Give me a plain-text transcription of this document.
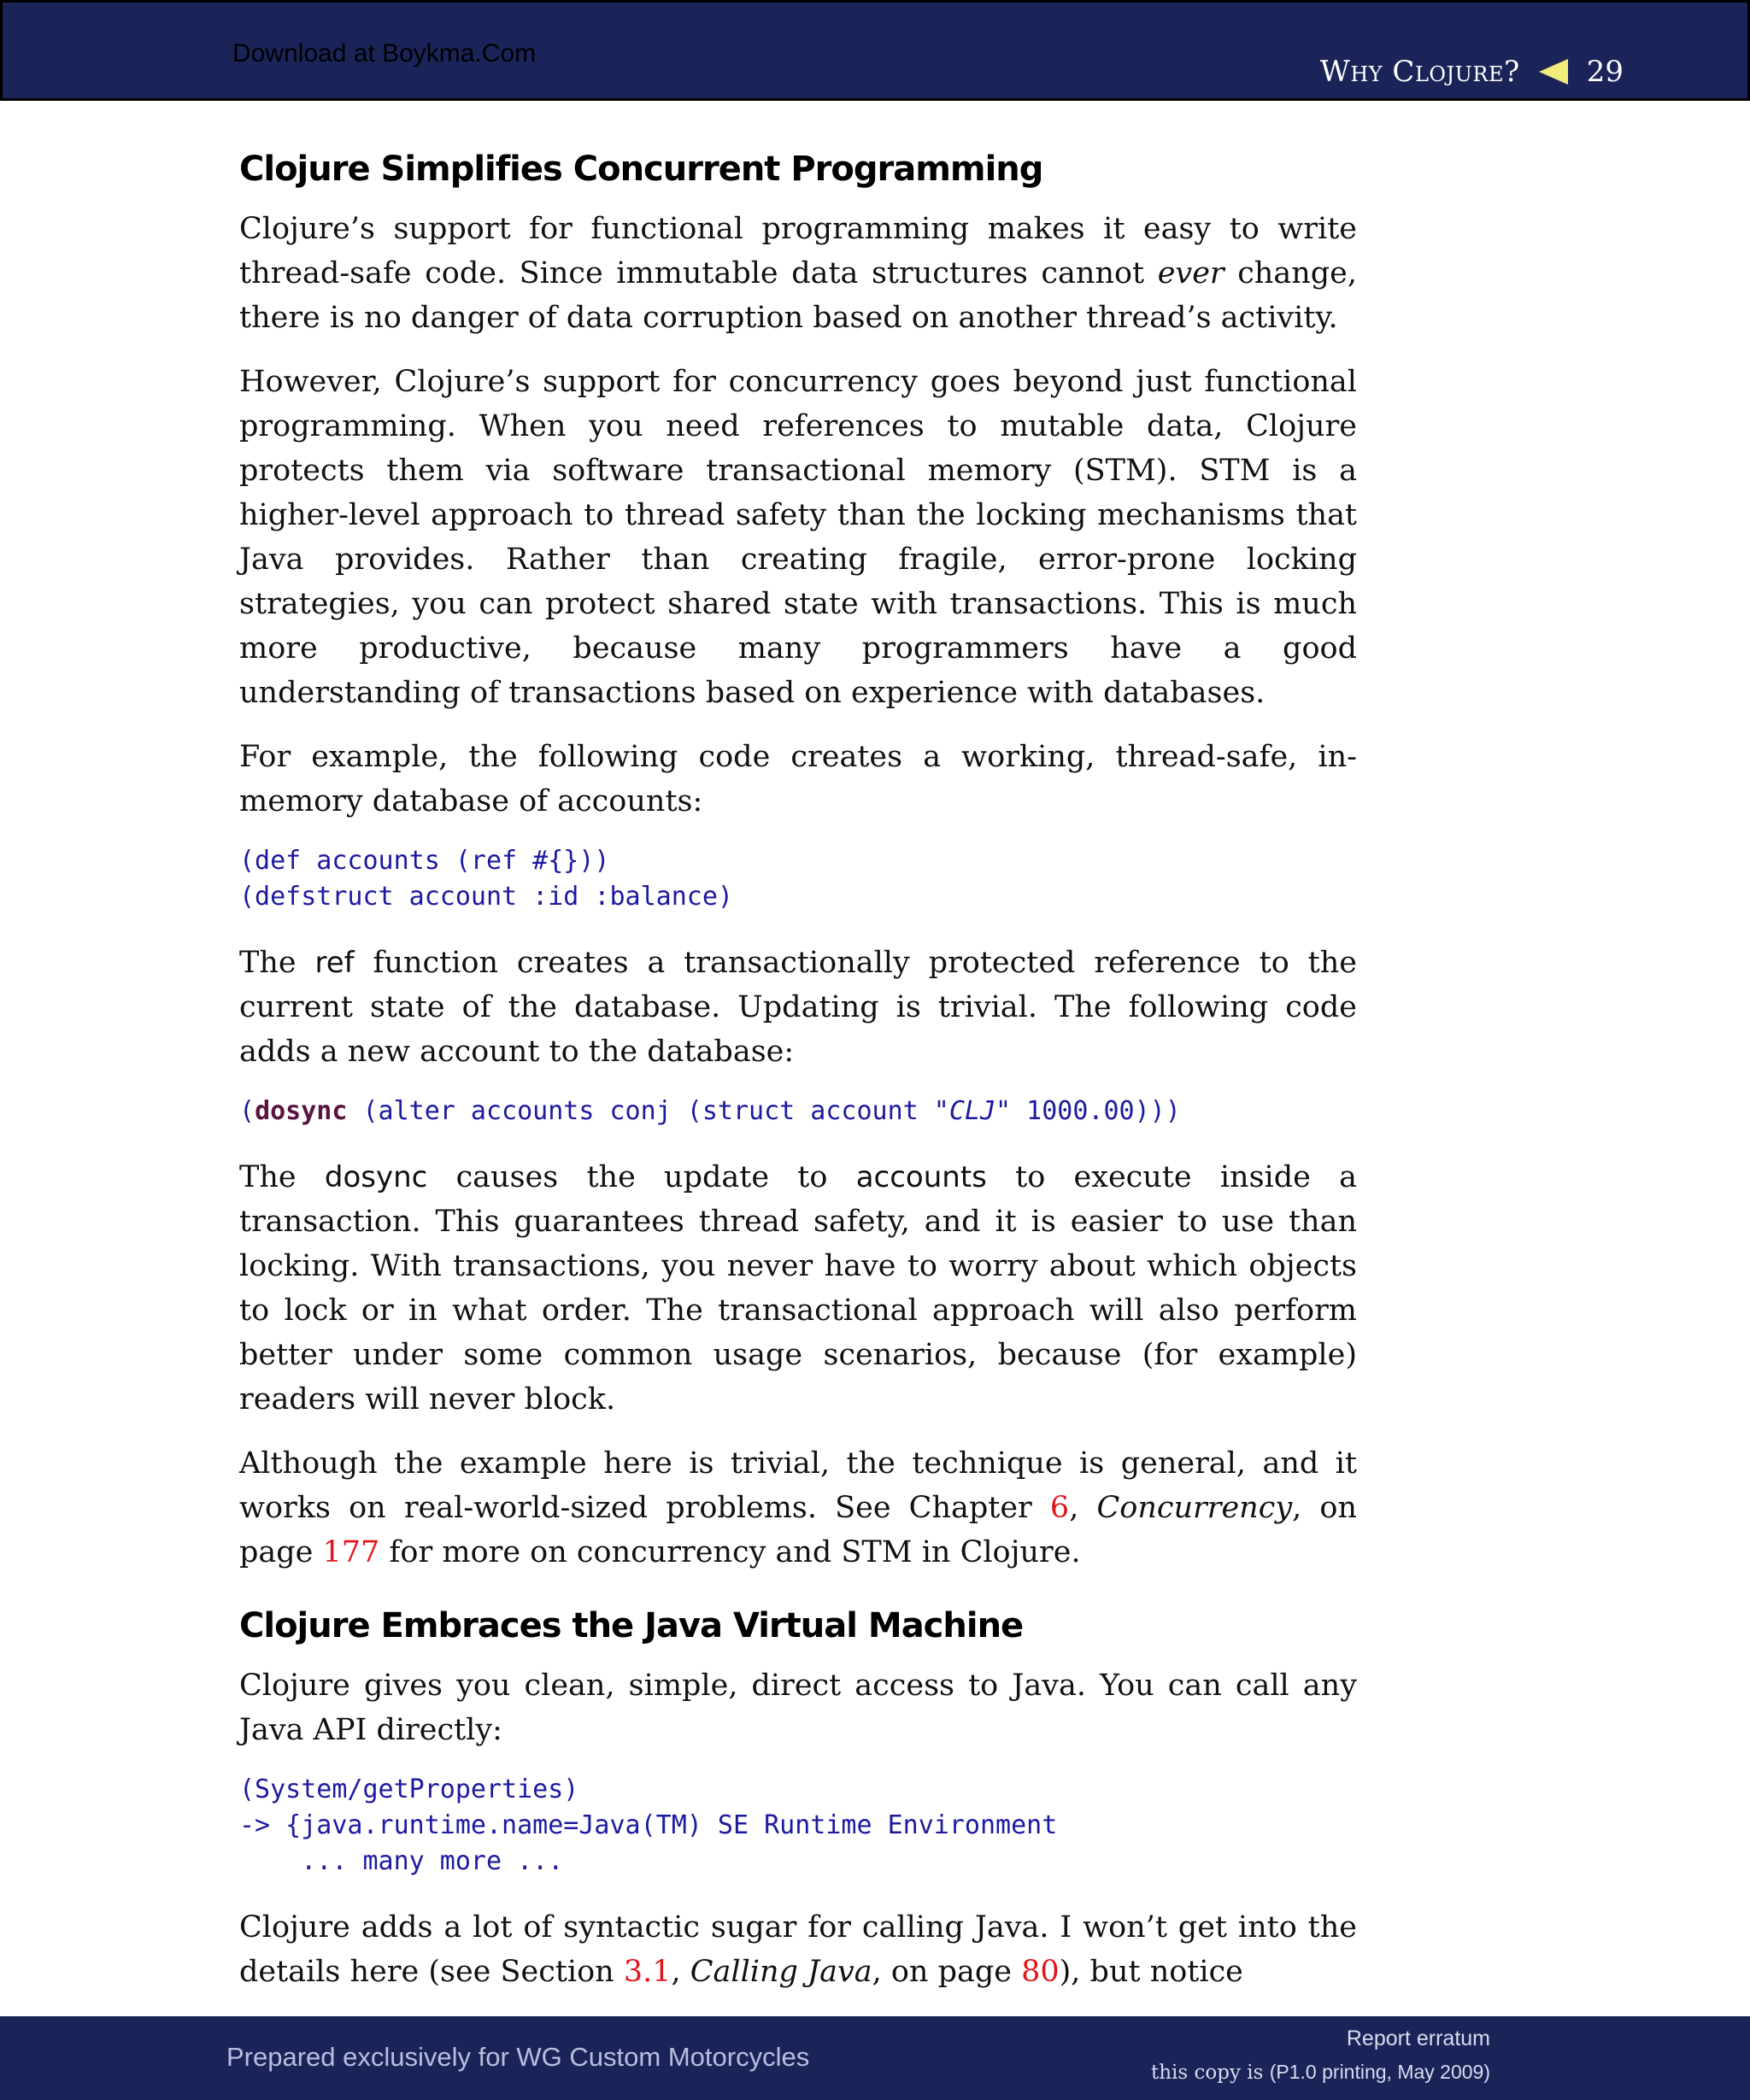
Download at Boykma.Com
Why Clojure? 29
Clojure Simplifies Concurrent Programming

Clojure’s support for functional programming makes it easy to write thread-safe code. Since immutable data structures cannot ever change, there is no danger of data corruption based on another thread’s activity.

However, Clojure’s support for concurrency goes beyond just functional programming. When you need references to mutable data, Clojure protects them via software transactional memory (STM). STM is a higher-level approach to thread safety than the locking mechanisms that Java provides. Rather than creating fragile, error-prone locking strategies, you can protect shared state with transactions. This is much more productive, because many programmers have a good understanding of transactions based on experience with databases.

For example, the following code creates a working, thread-safe, in-memory database of accounts:

(def accounts (ref #{}))
(defstruct account :id :balance)

The ref function creates a transactionally protected reference to the current state of the database. Updating is trivial. The following code adds a new account to the database:

(dosync (alter accounts conj (struct account "CLJ" 1000.00)))

The dosync causes the update to accounts to execute inside a transaction. This guarantees thread safety, and it is easier to use than locking. With transactions, you never have to worry about which objects to lock or in what order. The transactional approach will also perform better under some common usage scenarios, because (for example) readers will never block.

Although the example here is trivial, the technique is general, and it works on real-world-sized problems. See Chapter 6, Concurrency, on page 177 for more on concurrency and STM in Clojure.

Clojure Embraces the Java Virtual Machine

Clojure gives you clean, simple, direct access to Java. You can call any Java API directly:

(System/getProperties)
-> {java.runtime.name=Java(TM) SE Runtime Environment
... many more ...

Clojure adds a lot of syntactic sugar for calling Java. I won’t get into the details here (see Section 3.1, Calling Java, on page 80), but notice

Prepared exclusively for WG Custom Motorcycles
Report erratum
this copy is (P1.0 printing, May 2009)
